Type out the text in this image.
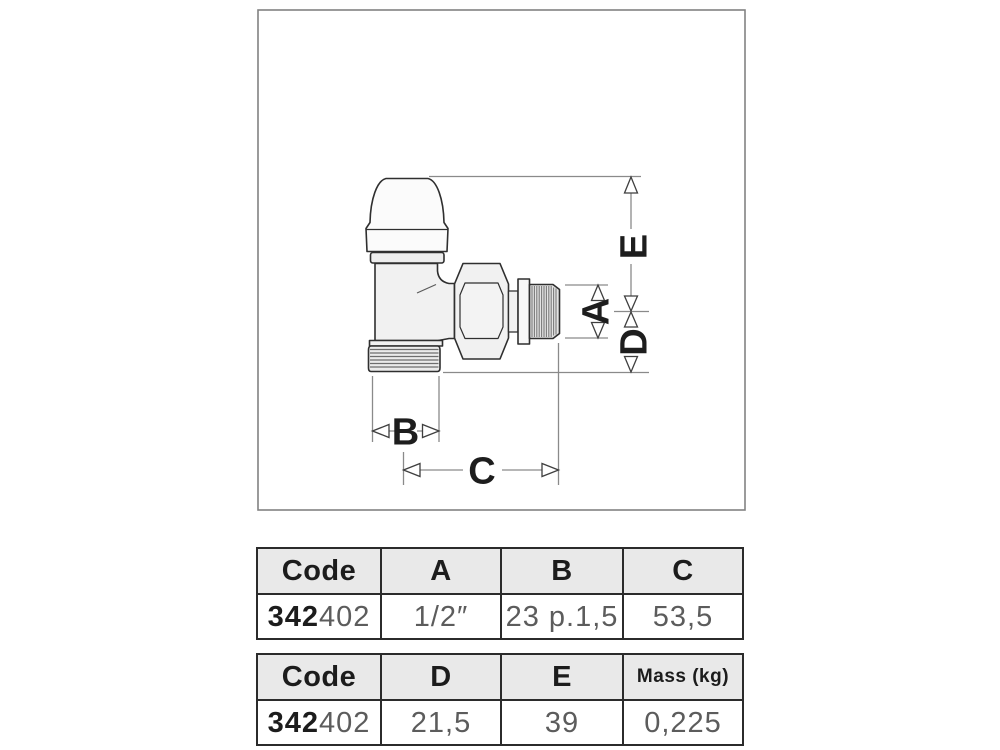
E
D
A
B
C
Code	A	B	C
342402	1/2″	23 p.1,5	53,5
Code	D	E	Mass (kg)
342402	21,5	39	0,225
